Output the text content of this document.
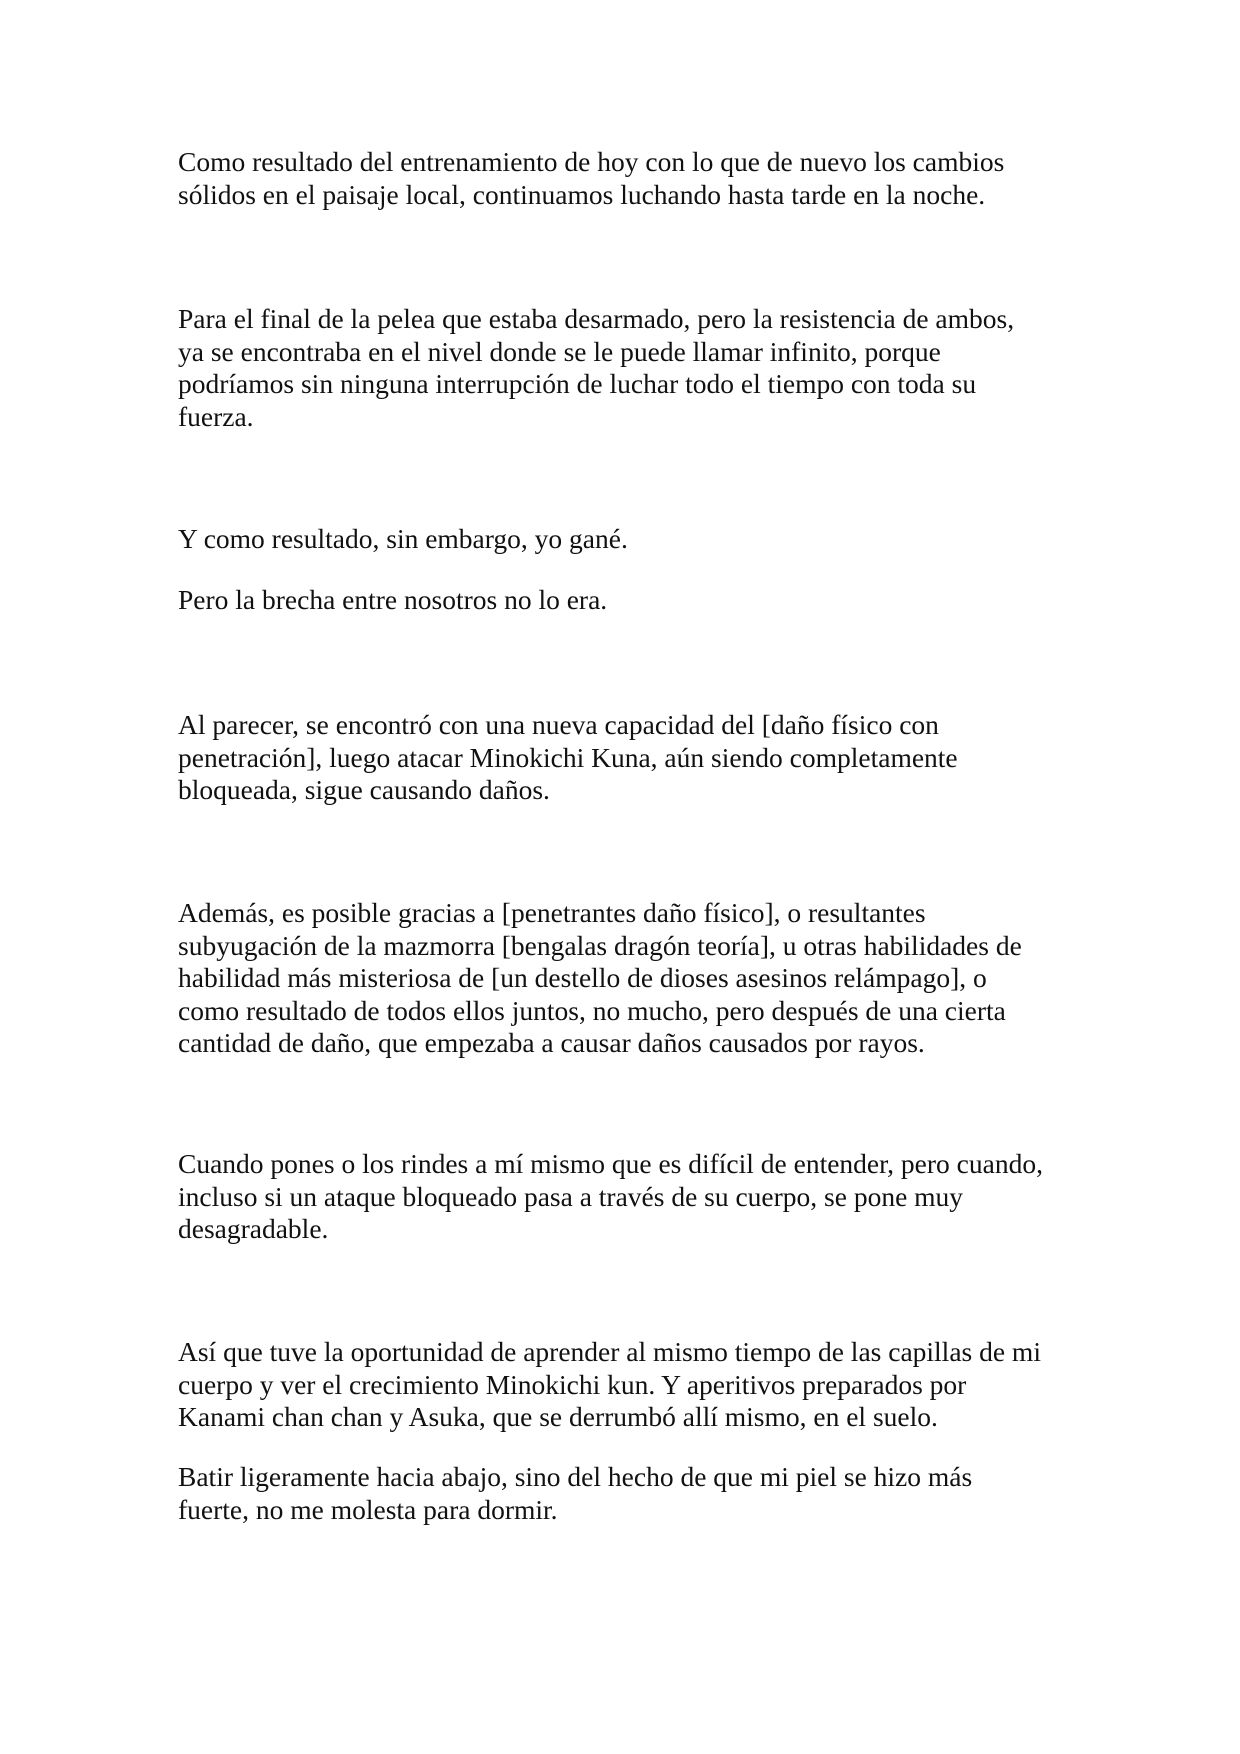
Como resultado del entrenamiento de hoy con lo que de nuevo los cambios
sólidos en el paisaje local, continuamos luchando hasta tarde en la noche.

Para el final de la pelea que estaba desarmado, pero la resistencia de ambos,
ya se encontraba en el nivel donde se le puede llamar infinito, porque
podríamos sin ninguna interrupción de luchar todo el tiempo con toda su
fuerza.

Y como resultado, sin embargo, yo gané.

Pero la brecha entre nosotros no lo era.

Al parecer, se encontró con una nueva capacidad del [daño físico con
penetración], luego atacar Minokichi Kuna, aún siendo completamente
bloqueada, sigue causando daños.

Además, es posible gracias a [penetrantes daño físico], o resultantes
subyugación de la mazmorra [bengalas dragón teoría], u otras habilidades de
habilidad más misteriosa de [un destello de dioses asesinos relámpago], o
como resultado de todos ellos juntos, no mucho, pero después de una cierta
cantidad de daño, que empezaba a causar daños causados por rayos.

Cuando pones o los rindes a mí mismo que es difícil de entender, pero cuando,
incluso si un ataque bloqueado pasa a través de su cuerpo, se pone muy
desagradable.

Así que tuve la oportunidad de aprender al mismo tiempo de las capillas de mi
cuerpo y ver el crecimiento Minokichi kun. Y aperitivos preparados por
Kanami chan chan y Asuka, que se derrumbó allí mismo, en el suelo.

Batir ligeramente hacia abajo, sino del hecho de que mi piel se hizo más
fuerte, no me molesta para dormir.
